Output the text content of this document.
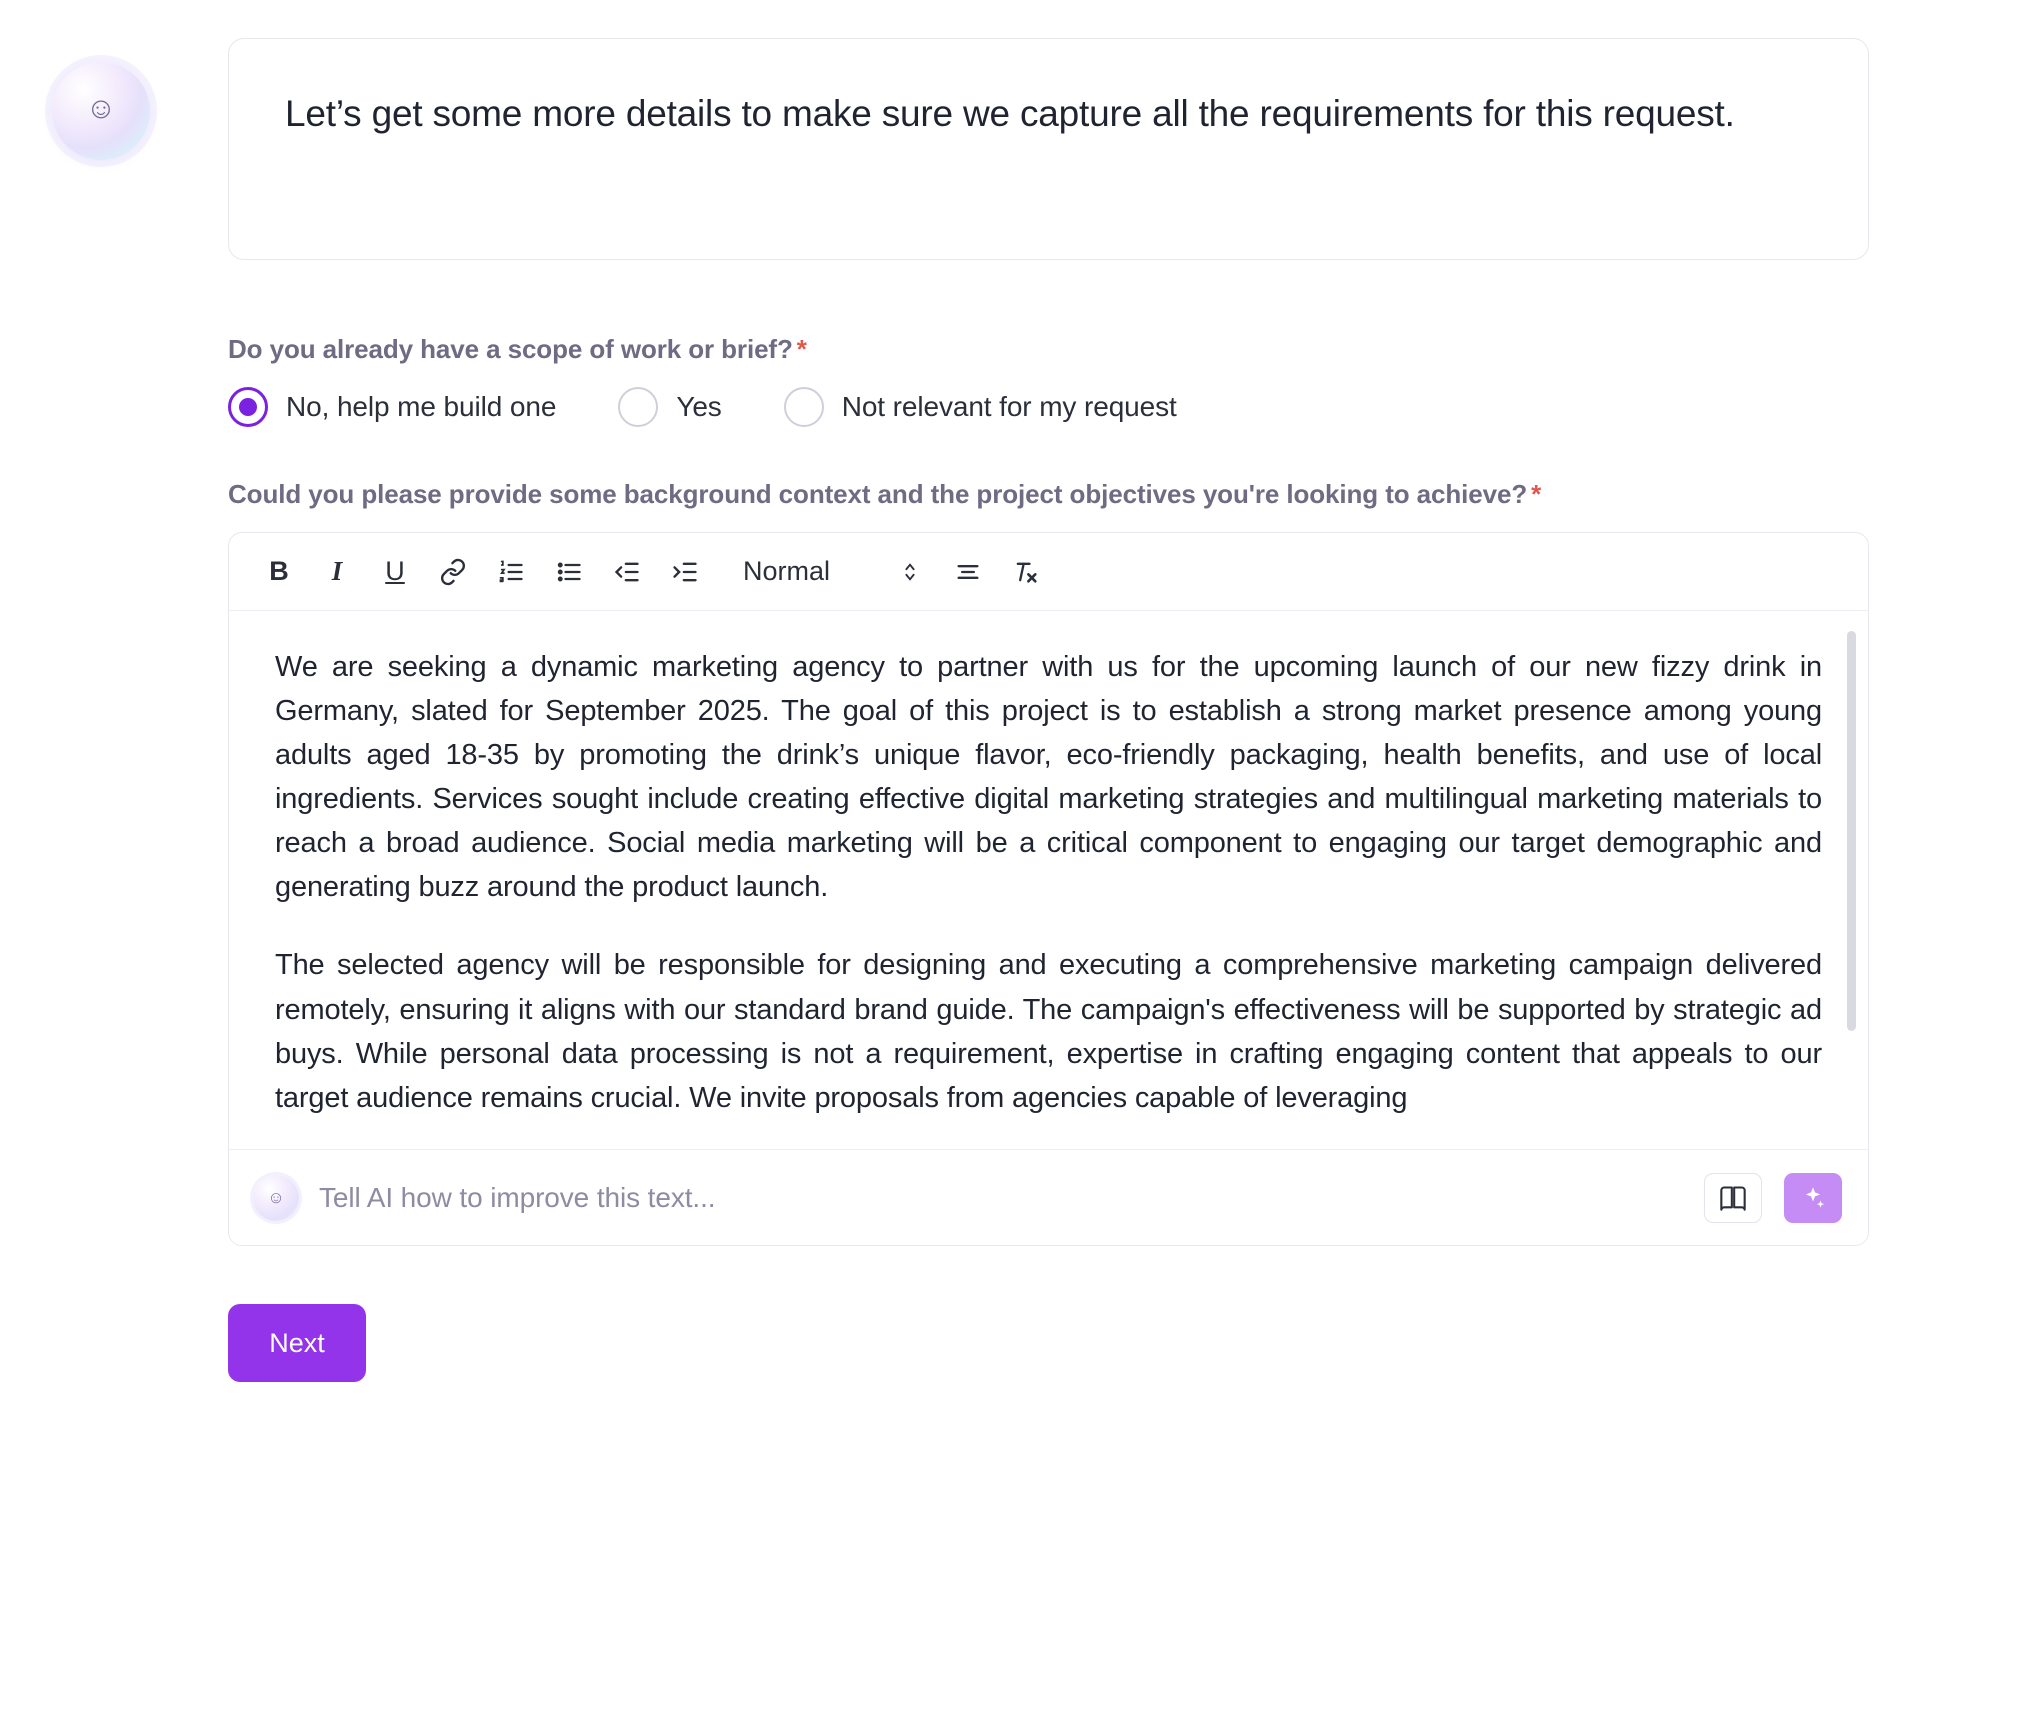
☺	Let’s get some more details to make sure we capture all the requirements for this request.
Do you already have a scope of work or brief? *
No, help me build one	Yes	Not relevant for my request
Could you please provide some background context and the project objectives you're looking to achieve? *
B	I	U	Normal

We are seeking a dynamic marketing agency to partner with us for the upcoming launch of our new fizzy drink in Germany, slated for September 2025. The goal of this project is to establish a strong market presence among young adults aged 18-35 by promoting the drink’s unique flavor, eco-friendly packaging, health benefits, and use of local ingredients. Services sought include creating effective digital marketing strategies and multilingual marketing materials to reach a broad audience. Social media marketing will be a critical component to engaging our target demographic and generating buzz around the product launch.

The selected agency will be responsible for designing and executing a comprehensive marketing campaign delivered remotely, ensuring it aligns with our standard brand guide. The campaign's effectiveness will be supported by strategic ad buys. While personal data processing is not a requirement, expertise in crafting engaging content that appeals to our target audience remains crucial. We invite proposals from agencies capable of leveraging

☺
Tell AI how to improve this text...
Next
